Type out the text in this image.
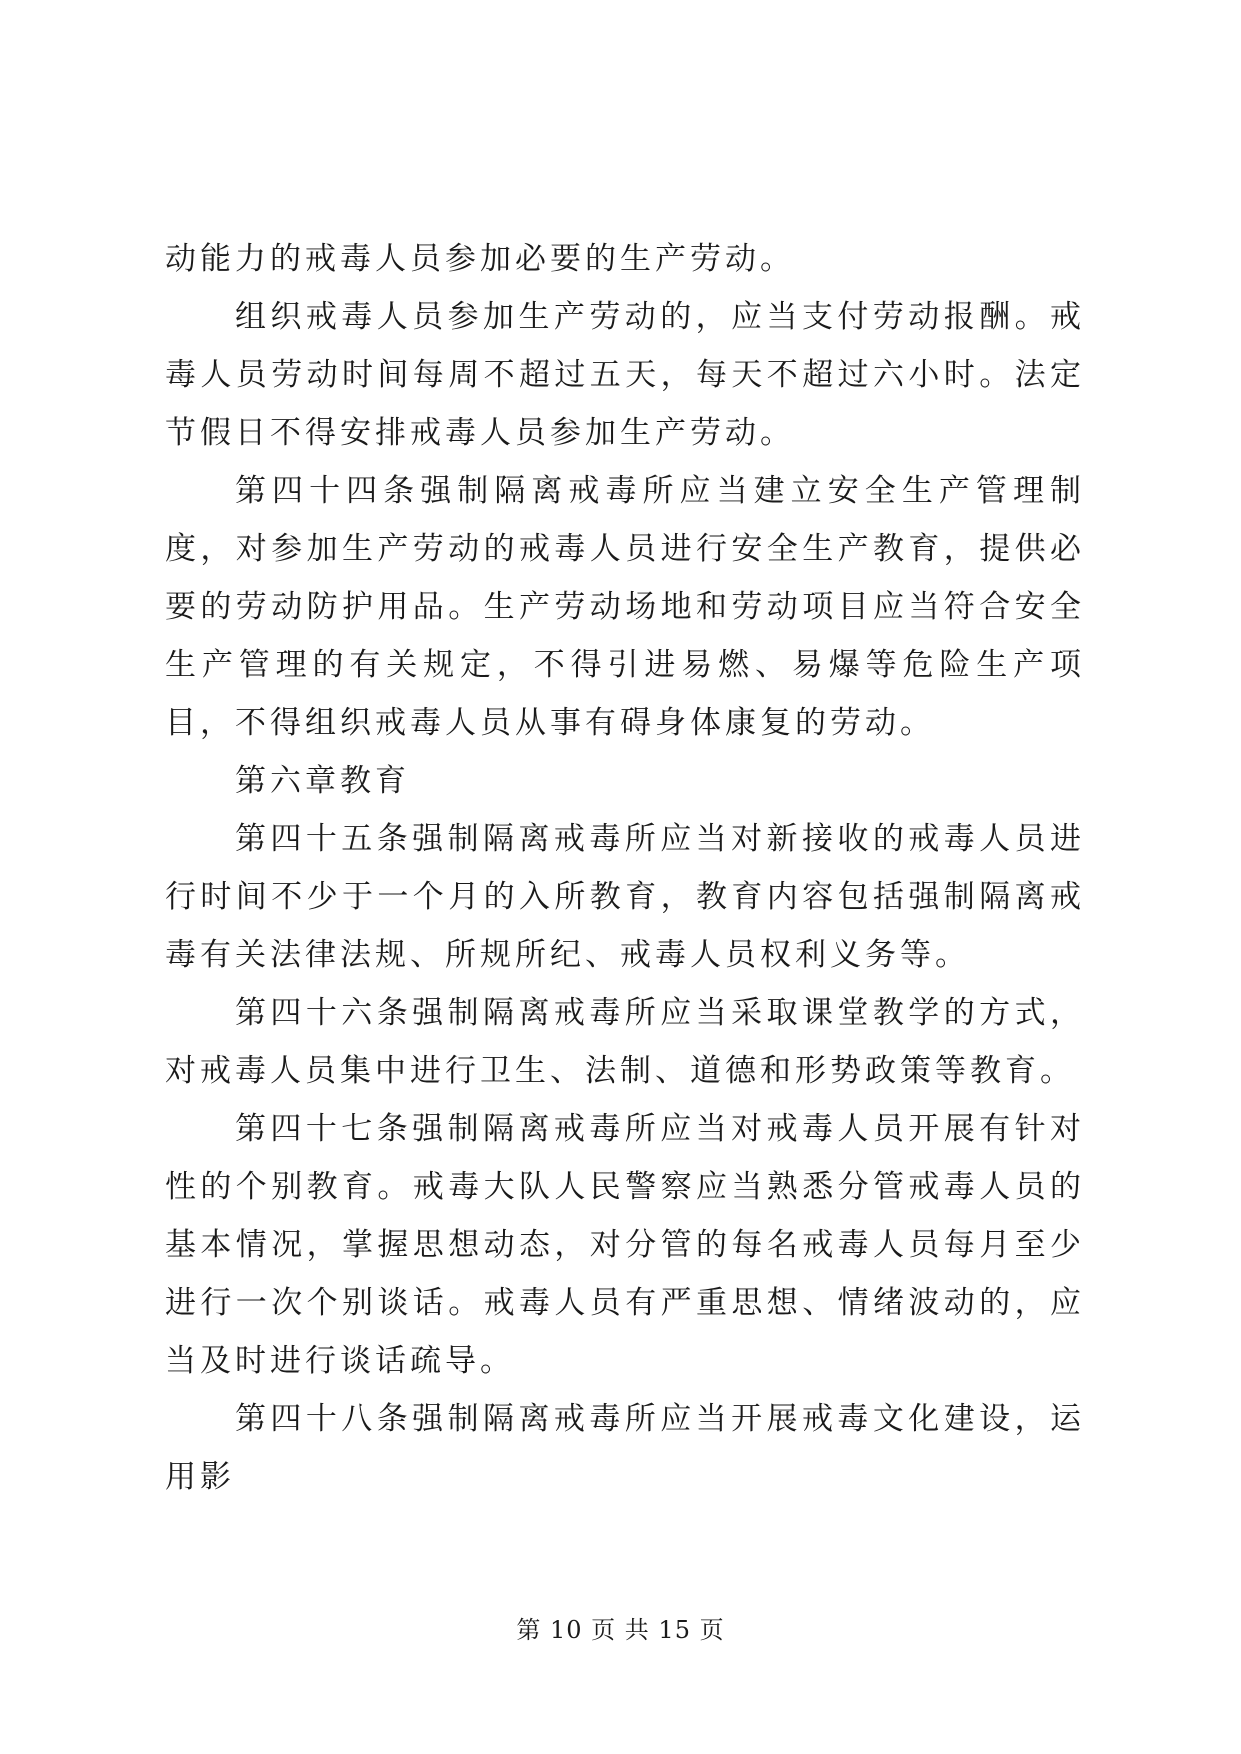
动能力的戒毒人员参加必要的生产劳动。

组织戒毒人员参加生产劳动的，应当支付劳动报酬。戒毒人员劳动时间每周不超过五天，每天不超过六小时。法定节假日不得安排戒毒人员参加生产劳动。

第四十四条强制隔离戒毒所应当建立安全生产管理制度，对参加生产劳动的戒毒人员进行安全生产教育，提供必要的劳动防护用品。生产劳动场地和劳动项目应当符合安全生产管理的有关规定，不得引进易燃、易爆等危险生产项目，不得组织戒毒人员从事有碍身体康复的劳动。

第六章教育

第四十五条强制隔离戒毒所应当对新接收的戒毒人员进行时间不少于一个月的入所教育，教育内容包括强制隔离戒毒有关法律法规、所规所纪、戒毒人员权利义务等。

第四十六条强制隔离戒毒所应当采取课堂教学的方式，对戒毒人员集中进行卫生、法制、道德和形势政策等教育。

第四十七条强制隔离戒毒所应当对戒毒人员开展有针对性的个别教育。戒毒大队人民警察应当熟悉分管戒毒人员的基本情况，掌握思想动态，对分管的每名戒毒人员每月至少进行一次个别谈话。戒毒人员有严重思想、情绪波动的，应当及时进行谈话疏导。

第四十八条强制隔离戒毒所应当开展戒毒文化建设，运用影

第 10 页 共 15 页
